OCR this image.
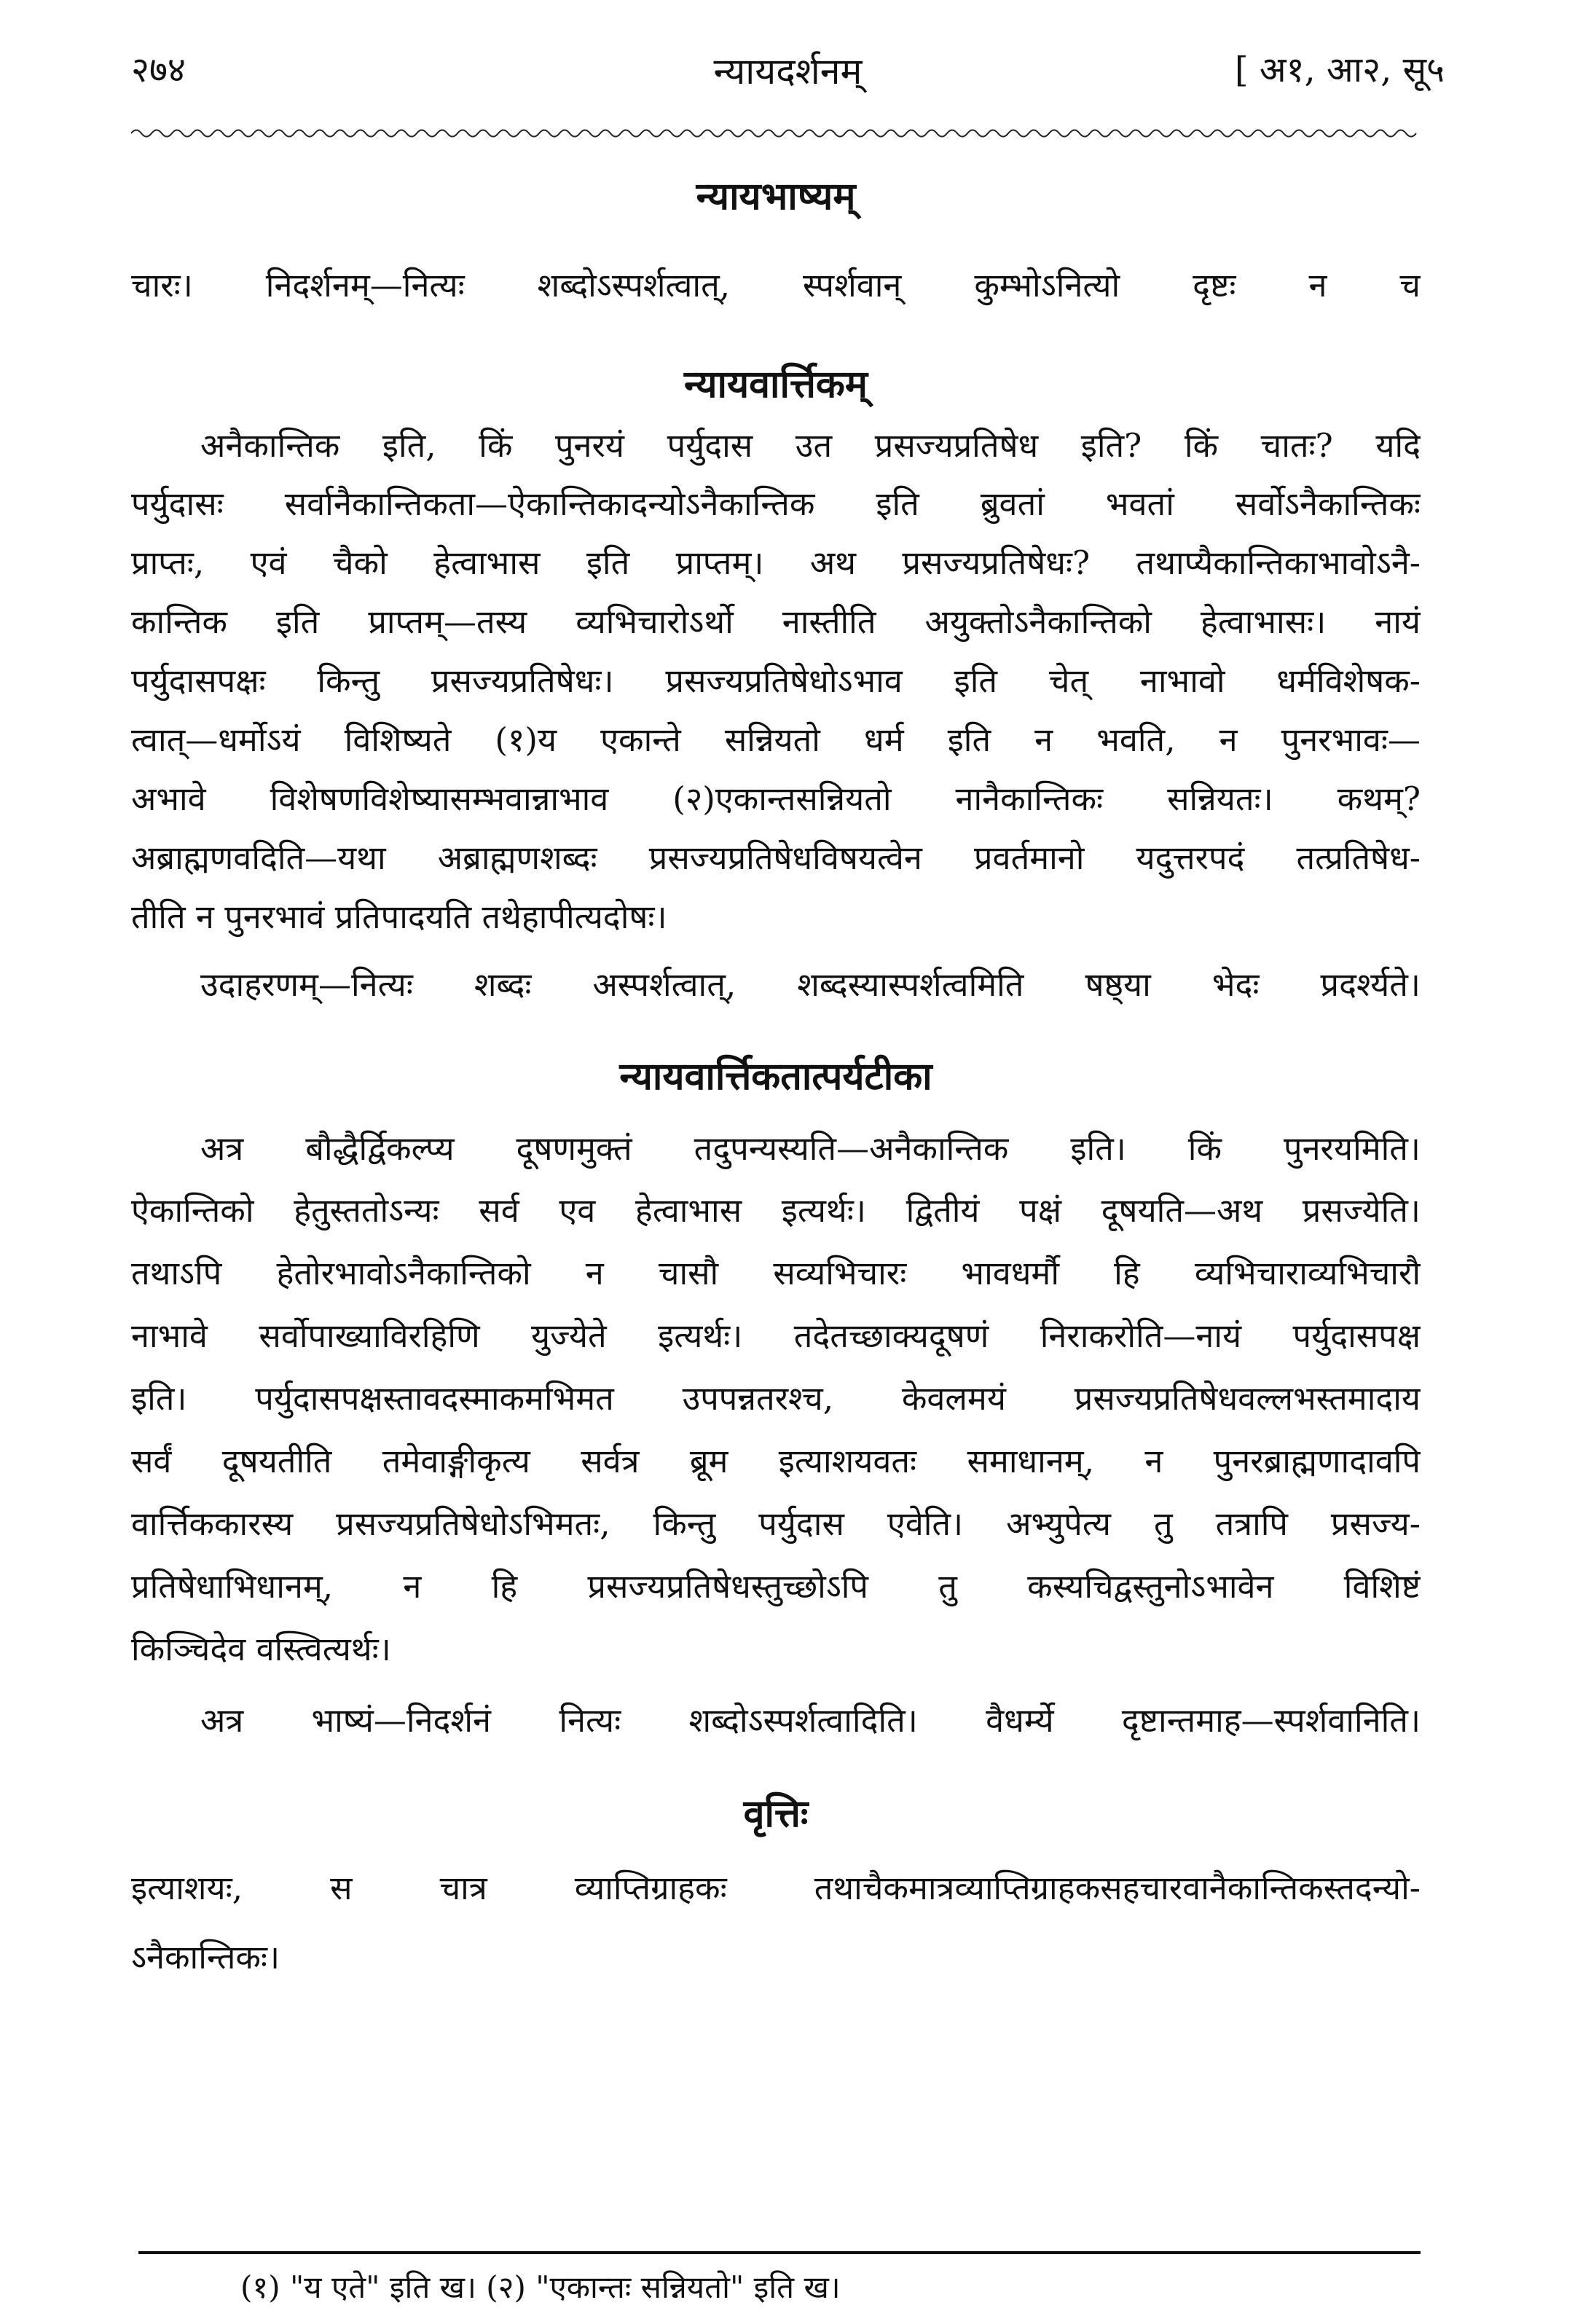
२७४	न्यायदर्शनम्	[ अ१, आ२, सू५
न्यायभाष्यम्
चारः। निदर्शनम्—नित्यः शब्दोऽस्पर्शत्वात्, स्पर्शवान् कुम्भोऽनित्यो दृष्टः न च
न्यायवार्त्तिकम्
अनैकान्तिक इति, किं पुनरयं पर्युदास उत प्रसज्यप्रतिषेध इति? किं चातः? यदि
पर्युदासः सर्वानैकान्तिकता—ऐकान्तिकादन्योऽनैकान्तिक इति ब्रुवतां भवतां सर्वोऽनैकान्तिकः
प्राप्तः, एवं चैको हेत्वाभास इति प्राप्तम्। अथ प्रसज्यप्रतिषेधः? तथाप्यैकान्तिकाभावोऽनै-
कान्तिक इति प्राप्तम्—तस्य व्यभिचारोऽर्थो नास्तीति अयुक्तोऽनैकान्तिको हेत्वाभासः। नायं
पर्युदासपक्षः किन्तु प्रसज्यप्रतिषेधः। प्रसज्यप्रतिषेधोऽभाव इति चेत् नाभावो धर्मविशेषक-
त्वात्—धर्मोऽयं विशिष्यते (१)य एकान्ते सन्नियतो धर्म इति न भवति, न पुनरभावः—
अभावे विशेषणविशेष्यासम्भवान्नाभाव (२)एकान्तसन्नियतो नानैकान्तिकः सन्नियतः। कथम्?
अब्राह्मणवदिति—यथा अब्राह्मणशब्दः प्रसज्यप्रतिषेधविषयत्वेन प्रवर्तमानो यदुत्तरपदं तत्प्रतिषेध-
तीति न पुनरभावं प्रतिपादयति तथेहापीत्यदोषः।
उदाहरणम्—नित्यः शब्दः अस्पर्शत्वात्, शब्दस्यास्पर्शत्वमिति षष्ठ्या भेदः प्रदर्श्यते।
न्यायवार्त्तिकतात्पर्यटीका
अत्र बौद्धैर्द्विकल्प्य दूषणमुक्तं तदुपन्यस्यति—अनैकान्तिक इति। किं पुनरयमिति।
ऐकान्तिको हेतुस्ततोऽन्यः सर्व एव हेत्वाभास इत्यर्थः। द्वितीयं पक्षं दूषयति—अथ प्रसज्येति।
तथाऽपि हेतोरभावोऽनैकान्तिको न चासौ सव्यभिचारः भावधर्मौ हि व्यभिचाराव्यभिचारौ
नाभावे सर्वोपाख्याविरहिणि युज्येते इत्यर्थः। तदेतच्छाक्यदूषणं निराकरोति—नायं पर्युदासपक्ष
इति। पर्युदासपक्षस्तावदस्माकमभिमत उपपन्नतरश्च, केवलमयं प्रसज्यप्रतिषेधवल्लभस्तमादाय
सर्वं दूषयतीति तमेवाङ्गीकृत्य सर्वत्र ब्रूम इत्याशयवतः समाधानम्, न पुनरब्राह्मणादावपि
वार्त्तिककारस्य प्रसज्यप्रतिषेधोऽभिमतः, किन्तु पर्युदास एवेति। अभ्युपेत्य तु तत्रापि प्रसज्य-
प्रतिषेधाभिधानम्, न हि प्रसज्यप्रतिषेधस्तुच्छोऽपि तु कस्यचिद्वस्तुनोऽभावेन विशिष्टं
किञ्चिदेव वस्त्वित्यर्थः।
अत्र भाष्यं—निदर्शनं नित्यः शब्दोऽस्पर्शत्वादिति। वैधर्म्ये दृष्टान्तमाह—स्पर्शवानिति।
वृत्तिः
इत्याशयः, स चात्र व्याप्तिग्राहकः तथाचैकमात्रव्याप्तिग्राहकसहचारवानैकान्तिकस्तदन्यो-
ऽनैकान्तिकः।
(१) "य एते" इति ख। (२) "एकान्तः सन्नियतो" इति ख।
